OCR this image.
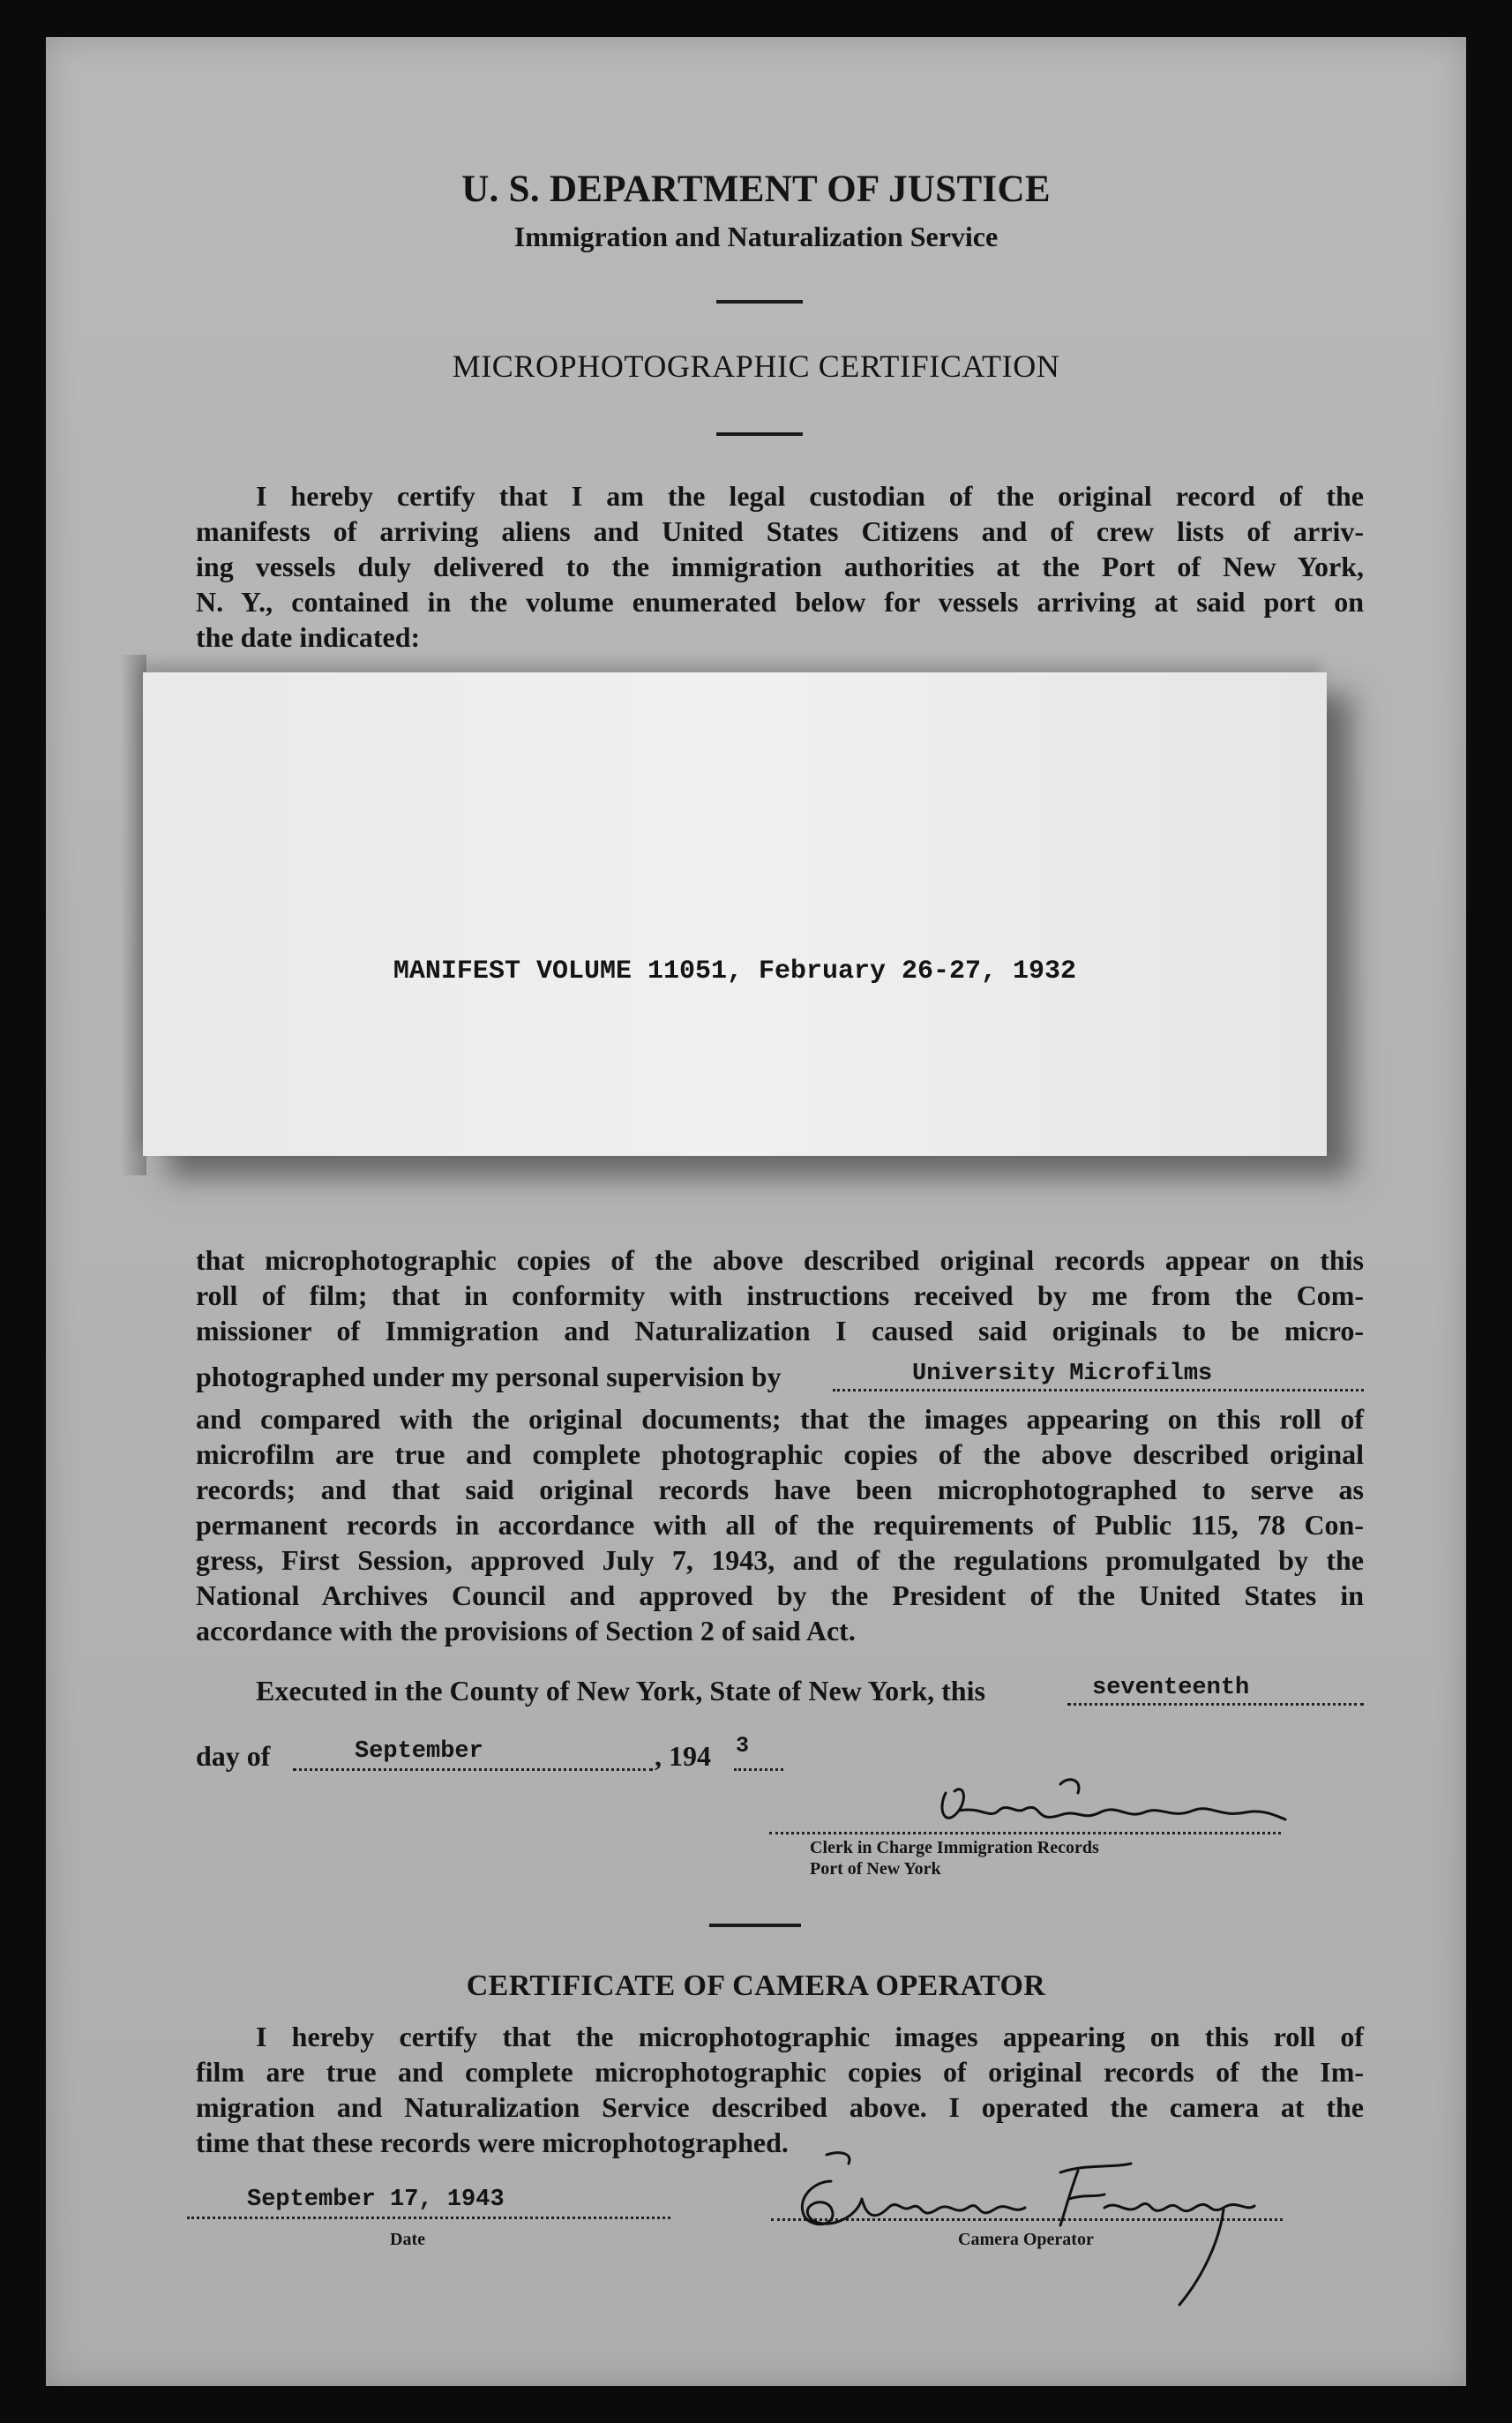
U. S. DEPARTMENT OF JUSTICE
Immigration and Naturalization Service
MICROPHOTOGRAPHIC CERTIFICATION
I hereby certify that I am the legal custodian of the original record of the
manifests of arriving aliens and United States Citizens and of crew lists of arriv-
ing vessels duly delivered to the immigration authorities at the Port of New York,
N. Y., contained in the volume enumerated below for vessels arriving at said port on
the date indicated:
MANIFEST VOLUME 11051, February 26-27, 1932
that microphotographic copies of the above described original records appear on this
roll of film; that in conformity with instructions received by me from the Com-
missioner of Immigration and Naturalization I caused said originals to be micro-
photographed under my personal supervision by	University Microfilms
and compared with the original documents; that the images appearing on this roll of
microfilm are true and complete photographic copies of the above described original
records; and that said original records have been microphotographed to serve as
permanent records in accordance with all of the requirements of Public 115, 78 Con-
gress, First Session, approved July 7, 1943, and of the regulations promulgated by the
National Archives Council and approved by the President of the United States in
accordance with the provisions of Section 2 of said Act.
Executed in the County of New York, State of New York, this	seventeenth
day of	September	, 194 3
Clerk in Charge Immigration Records
Port of New York
CERTIFICATE OF CAMERA OPERATOR
I hereby certify that the microphotographic images appearing on this roll of
film are true and complete microphotographic copies of original records of the Im-
migration and Naturalization Service described above. I operated the camera at the
time that these records were microphotographed.
September 17, 1943
Date	Camera Operator
